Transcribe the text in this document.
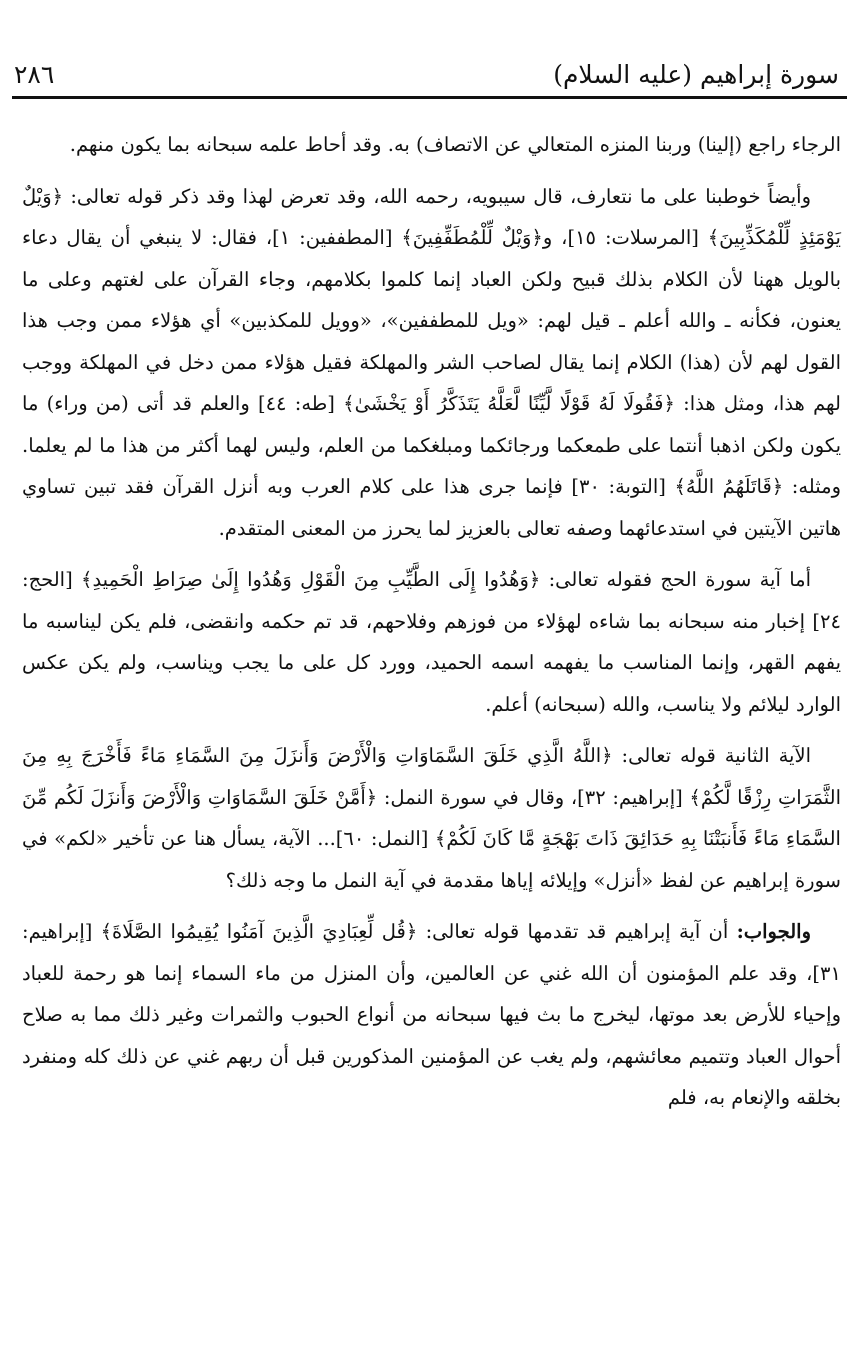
سورة إبراهيم (عليه السلام)
٢٨٦

الرجاء راجع (إلينا) وربنا المنزه المتعالي عن الاتصاف) به. وقد أحاط علمه سبحانه بما يكون منهم.

وأيضاً خوطبنا على ما نتعارف، قال سيبويه، رحمه الله، وقد تعرض لهذا وقد ذكر قوله تعالى: ﴿وَيْلٌ يَوْمَئِذٍ لِّلْمُكَذِّبِينَ﴾ [المرسلات: ١٥]، و﴿وَيْلٌ لِّلْمُطَفِّفِينَ﴾ [المطففين: ١]، فقال: لا ينبغي أن يقال دعاء بالويل ههنا لأن الكلام بذلك قبيح ولكن العباد إنما كلموا بكلامهم، وجاء القرآن على لغتهم وعلى ما يعنون، فكأنه ـ والله أعلم ـ قيل لهم: «ويل للمطففين»، «وويل للمكذبين» أي هؤلاء ممن وجب هذا القول لهم لأن (هذا) الكلام إنما يقال لصاحب الشر والمهلكة فقيل هؤلاء ممن دخل في المهلكة ووجب لهم هذا، ومثل هذا: ﴿فَقُولَا لَهُ قَوْلًا لَّيِّنًا لَّعَلَّهُ يَتَذَكَّرُ أَوْ يَخْشَىٰ﴾ [طه: ٤٤] والعلم قد أتى (من وراء) ما يكون ولكن اذهبا أنتما على طمعكما ورجائكما ومبلغكما من العلم، وليس لهما أكثر من هذا ما لم يعلما. ومثله: ﴿قَاتَلَهُمُ اللَّهُ﴾ [التوبة: ٣٠] فإنما جرى هذا على كلام العرب وبه أنزل القرآن فقد تبين تساوي هاتين الآيتين في استدعائهما وصفه تعالى بالعزيز لما يحرز من المعنى المتقدم.

أما آية سورة الحج فقوله تعالى: ﴿وَهُدُوا إِلَى الطَّيِّبِ مِنَ الْقَوْلِ وَهُدُوا إِلَىٰ صِرَاطِ الْحَمِيدِ﴾ [الحج: ٢٤] إخبار منه سبحانه بما شاءه لهؤلاء من فوزهم وفلاحهم، قد تم حكمه وانقضى، فلم يكن ليناسبه ما يفهم القهر، وإنما المناسب ما يفهمه اسمه الحميد، وورد كل على ما يجب ويناسب، ولم يكن عكس الوارد ليلائم ولا يناسب، والله (سبحانه) أعلم.

الآية الثانية قوله تعالى: ﴿اللَّهُ الَّذِي خَلَقَ السَّمَاوَاتِ وَالْأَرْضَ وَأَنزَلَ مِنَ السَّمَاءِ مَاءً فَأَخْرَجَ بِهِ مِنَ الثَّمَرَاتِ رِزْقًا لَّكُمْ﴾ [إبراهيم: ٣٢]، وقال في سورة النمل: ﴿أَمَّنْ خَلَقَ السَّمَاوَاتِ وَالْأَرْضَ وَأَنزَلَ لَكُم مِّنَ السَّمَاءِ مَاءً فَأَنبَتْنَا بِهِ حَدَائِقَ ذَاتَ بَهْجَةٍ مَّا كَانَ لَكُمْ﴾ [النمل: ٦٠]... الآية، يسأل هنا عن تأخير «لكم» في سورة إبراهيم عن لفظ «أنزل» وإيلائه إياها مقدمة في آية النمل ما وجه ذلك؟

والجواب: أن آية إبراهيم قد تقدمها قوله تعالى: ﴿قُل لِّعِبَادِيَ الَّذِينَ آمَنُوا يُقِيمُوا الصَّلَاةَ﴾ [إبراهيم: ٣١]، وقد علم المؤمنون أن الله غني عن العالمين، وأن المنزل من ماء السماء إنما هو رحمة للعباد وإحياء للأرض بعد موتها، ليخرج ما بث فيها سبحانه من أنواع الحبوب والثمرات وغير ذلك مما به صلاح أحوال العباد وتتميم معائشهم، ولم يغب عن المؤمنين المذكورين قبل أن ربهم غني عن ذلك كله ومنفرد بخلقه والإنعام به، فلم
